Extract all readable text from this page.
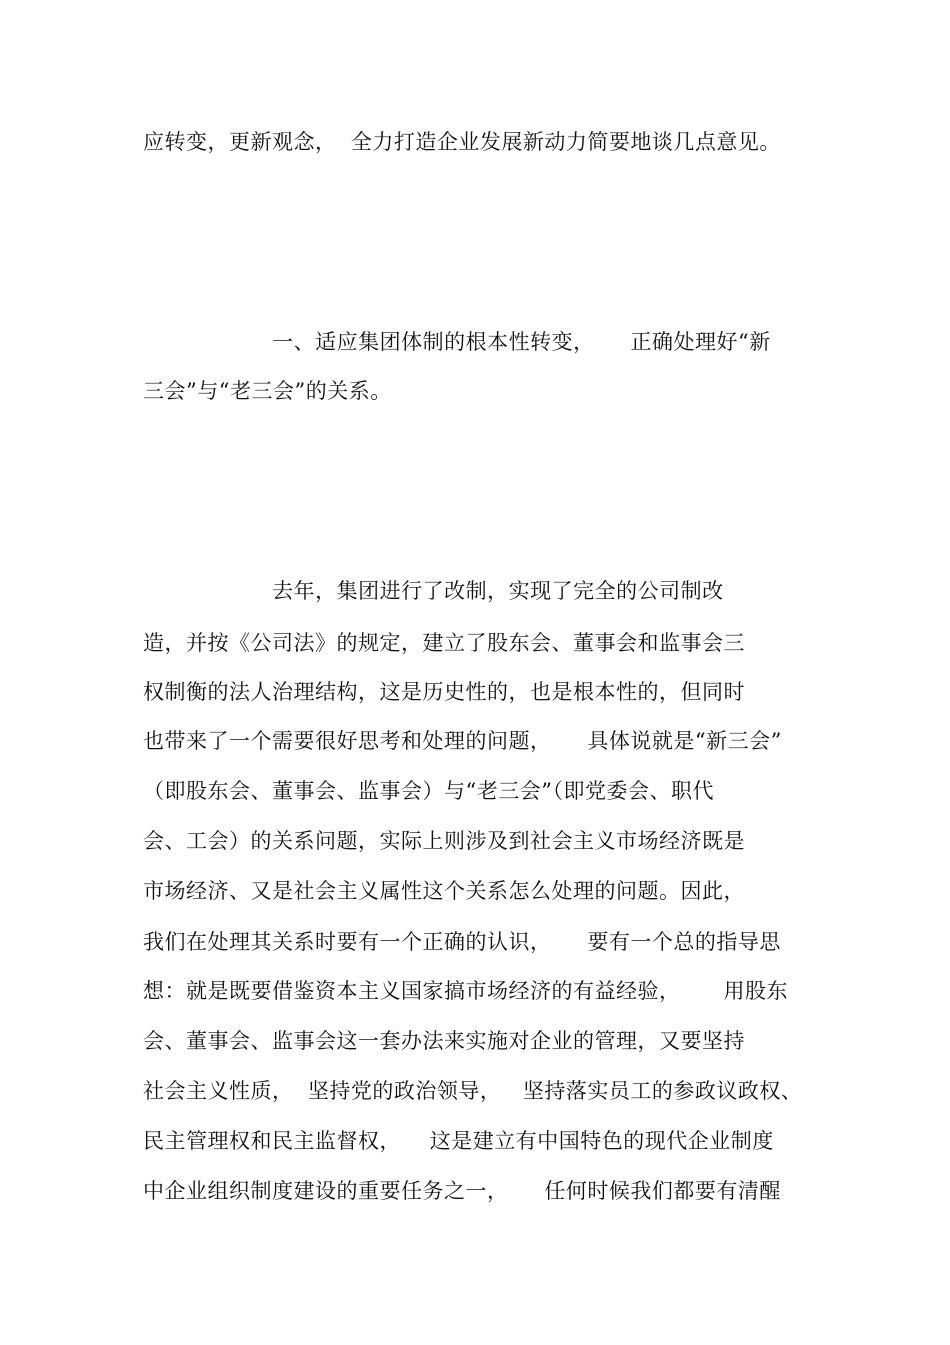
应转变，更新观念，  全力打造企业发展新动力简要地谈几点意见。
一、适应集团体制的根本性转变，     正确处理好“新
三会”与“老三会”的关系。
去年，集团进行了改制，实现了完全的公司制改
造，并按《公司法》的规定，建立了股东会、董事会和监事会三
权制衡的法人治理结构，这是历史性的，也是根本性的，但同时
也带来了一个需要很好思考和处理的问题，     具体说就是“新三会”
（即股东会、董事会、监事会）与“老三会”（即党委会、职代
会、工会）的关系问题，实际上则涉及到社会主义市场经济既是
市场经济、又是社会主义属性这个关系怎么处理的问题。因此，
我们在处理其关系时要有一个正确的认识，     要有一个总的指导思
想：就是既要借鉴资本主义国家搞市场经济的有益经验，      用股东
会、董事会、监事会这一套办法来实施对企业的管理，又要坚持
社会主义性质，  坚持党的政治领导，   坚持落实员工的参政议政权、
民主管理权和民主监督权，    这是建立有中国特色的现代企业制度
中企业组织制度建设的重要任务之一，     任何时候我们都要有清醒
